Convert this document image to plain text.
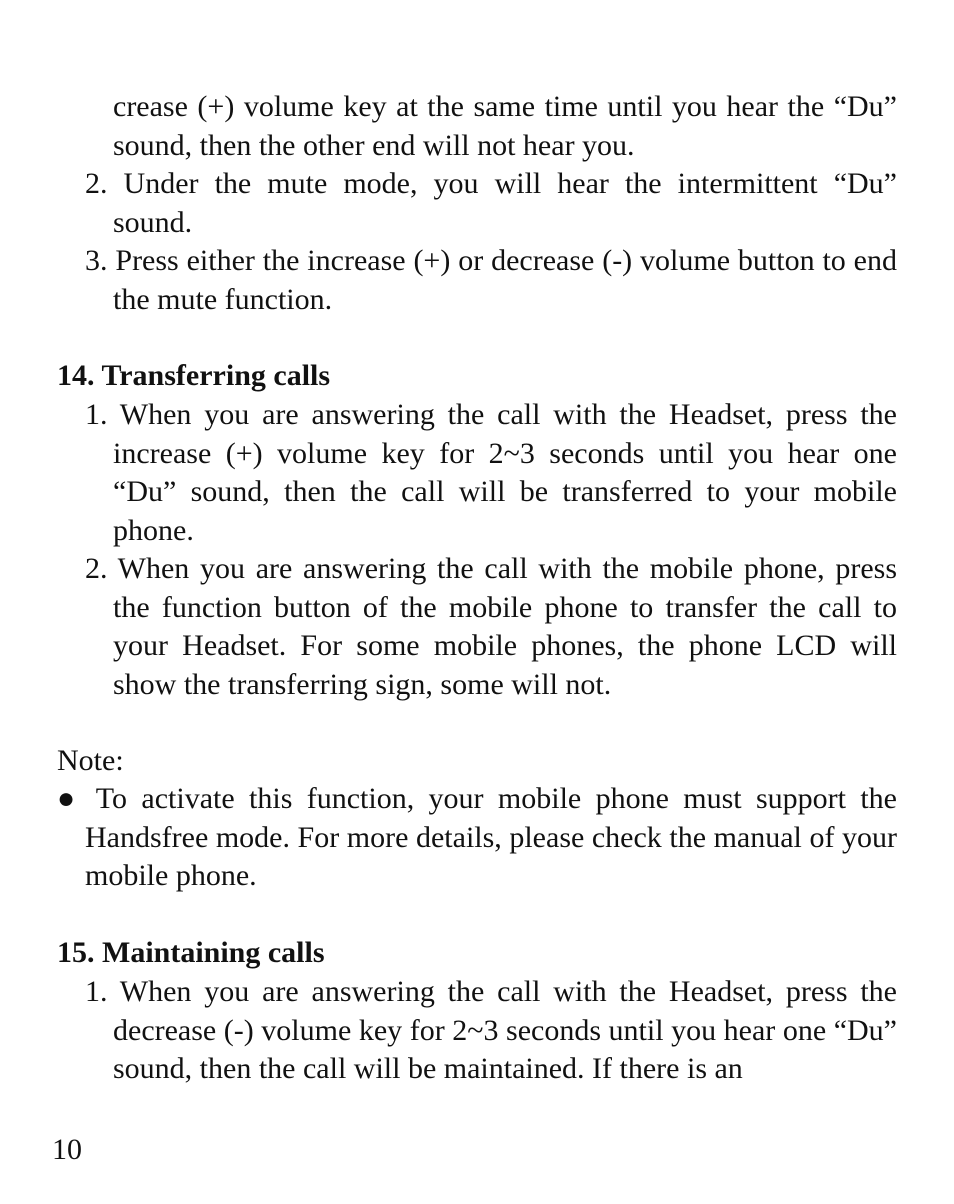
crease (+) volume key at the same time until you hear the “Du” sound, then the other end will not hear you.

2. Under the mute mode, you will hear the intermittent “Du” sound.

3. Press either the increase (+) or decrease (-) volume button to end the mute function.

14. Transferring calls

1. When you are answering the call with the Headset, press the increase (+) volume key for 2~3 seconds until you hear one “Du” sound, then the call will be transferred to your mobile phone.

2. When you are answering the call with the mobile phone, press the function button of the mobile phone to transfer the call to your Headset. For some mobile phones, the phone LCD will show the transferring sign, some will not.

Note:

● To activate this function, your mobile phone must support the Handsfree mode. For more details, please check the manual of your mobile phone.

15. Maintaining calls

1. When you are answering the call with the Headset, press the decrease (-) volume key for 2~3 seconds until you hear one “Du” sound, then the call will be maintained. If there is an

10
